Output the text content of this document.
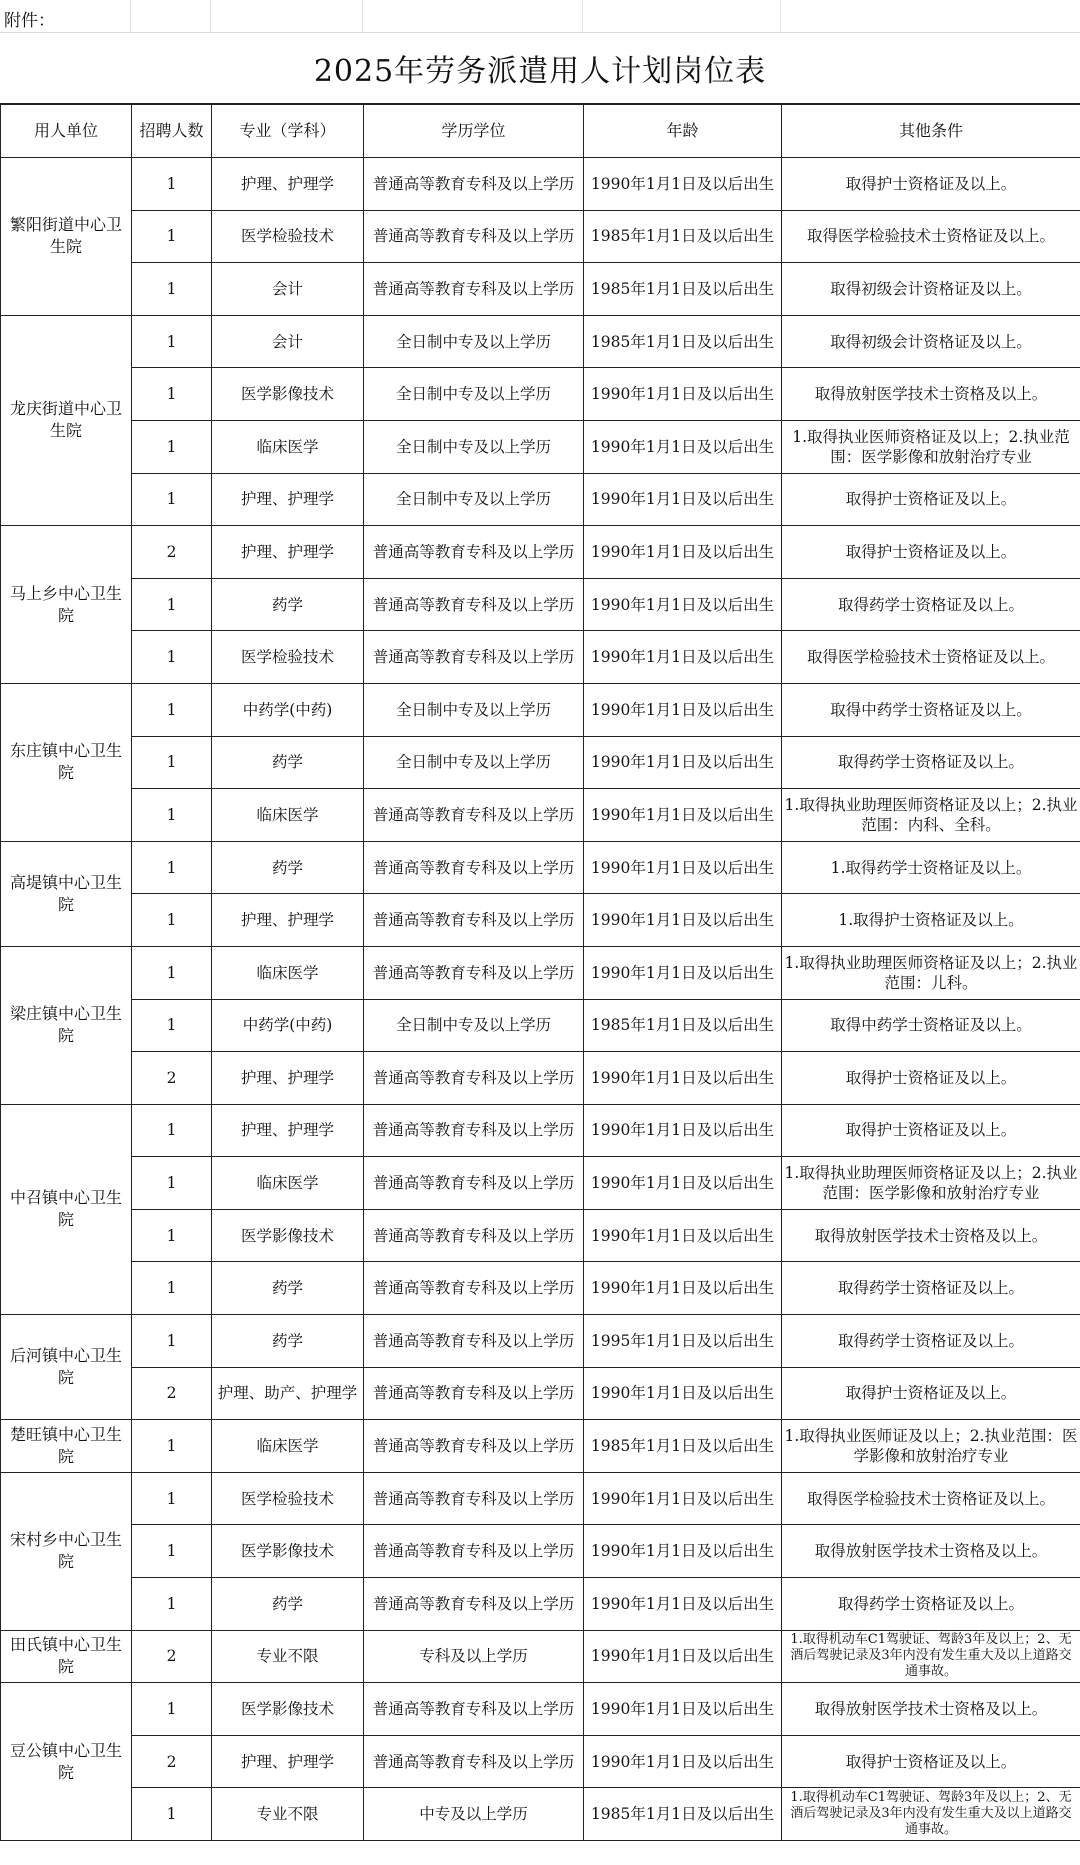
附件：
2025年劳务派遣用人计划岗位表
用人单位	招聘人数	专业（学科）	学历学位	年龄	其他条件
繁阳街道中心卫生院	1	护理、护理学	普通高等教育专科及以上学历	1990年1月1日及以后出生	取得护士资格证及以上。
	1	医学检验技术	普通高等教育专科及以上学历	1985年1月1日及以后出生	取得医学检验技术士资格证及以上。
	1	会计	普通高等教育专科及以上学历	1985年1月1日及以后出生	取得初级会计资格证及以上。
龙庆街道中心卫生院	1	会计	全日制中专及以上学历	1985年1月1日及以后出生	取得初级会计资格证及以上。
	1	医学影像技术	全日制中专及以上学历	1990年1月1日及以后出生	取得放射医学技术士资格及以上。
	1	临床医学	全日制中专及以上学历	1990年1月1日及以后出生	1.取得执业医师资格证及以上；2.执业范围：医学影像和放射治疗专业
	1	护理、护理学	全日制中专及以上学历	1990年1月1日及以后出生	取得护士资格证及以上。
马上乡中心卫生院	2	护理、护理学	普通高等教育专科及以上学历	1990年1月1日及以后出生	取得护士资格证及以上。
	1	药学	普通高等教育专科及以上学历	1990年1月1日及以后出生	取得药学士资格证及以上。
	1	医学检验技术	普通高等教育专科及以上学历	1990年1月1日及以后出生	取得医学检验技术士资格证及以上。
东庄镇中心卫生院	1	中药学(中药)	全日制中专及以上学历	1990年1月1日及以后出生	取得中药学士资格证及以上。
	1	药学	全日制中专及以上学历	1990年1月1日及以后出生	取得药学士资格证及以上。
	1	临床医学	普通高等教育专科及以上学历	1990年1月1日及以后出生	1.取得执业助理医师资格证及以上；2.执业范围：内科、全科。
高堤镇中心卫生院	1	药学	普通高等教育专科及以上学历	1990年1月1日及以后出生	1.取得药学士资格证及以上。
	1	护理、护理学	普通高等教育专科及以上学历	1990年1月1日及以后出生	1.取得护士资格证及以上。
梁庄镇中心卫生院	1	临床医学	普通高等教育专科及以上学历	1990年1月1日及以后出生	1.取得执业助理医师资格证及以上；2.执业范围：儿科。
	1	中药学(中药)	全日制中专及以上学历	1985年1月1日及以后出生	取得中药学士资格证及以上。
	2	护理、护理学	普通高等教育专科及以上学历	1990年1月1日及以后出生	取得护士资格证及以上。
中召镇中心卫生院	1	护理、护理学	普通高等教育专科及以上学历	1990年1月1日及以后出生	取得护士资格证及以上。
	1	临床医学	普通高等教育专科及以上学历	1990年1月1日及以后出生	1.取得执业助理医师资格证及以上；2.执业范围：医学影像和放射治疗专业
	1	医学影像技术	普通高等教育专科及以上学历	1990年1月1日及以后出生	取得放射医学技术士资格及以上。
	1	药学	普通高等教育专科及以上学历	1990年1月1日及以后出生	取得药学士资格证及以上。
后河镇中心卫生院	1	药学	普通高等教育专科及以上学历	1995年1月1日及以后出生	取得药学士资格证及以上。
	2	护理、助产、护理学	普通高等教育专科及以上学历	1990年1月1日及以后出生	取得护士资格证及以上。
楚旺镇中心卫生院	1	临床医学	普通高等教育专科及以上学历	1985年1月1日及以后出生	1.取得执业医师证及以上；2.执业范围：医学影像和放射治疗专业
宋村乡中心卫生院	1	医学检验技术	普通高等教育专科及以上学历	1990年1月1日及以后出生	取得医学检验技术士资格证及以上。
	1	医学影像技术	普通高等教育专科及以上学历	1990年1月1日及以后出生	取得放射医学技术士资格及以上。
	1	药学	普通高等教育专科及以上学历	1990年1月1日及以后出生	取得药学士资格证及以上。
田氏镇中心卫生院	2	专业不限	专科及以上学历	1990年1月1日及以后出生	1.取得机动车C1驾驶证、驾龄3年及以上；2、无酒后驾驶记录及3年内没有发生重大及以上道路交通事故。
豆公镇中心卫生院	1	医学影像技术	普通高等教育专科及以上学历	1990年1月1日及以后出生	取得放射医学技术士资格及以上。
	2	护理、护理学	普通高等教育专科及以上学历	1990年1月1日及以后出生	取得护士资格证及以上。
	1	专业不限	中专及以上学历	1985年1月1日及以后出生	1.取得机动车C1驾驶证、驾龄3年及以上；2、无酒后驾驶记录及3年内没有发生重大及以上道路交通事故。
